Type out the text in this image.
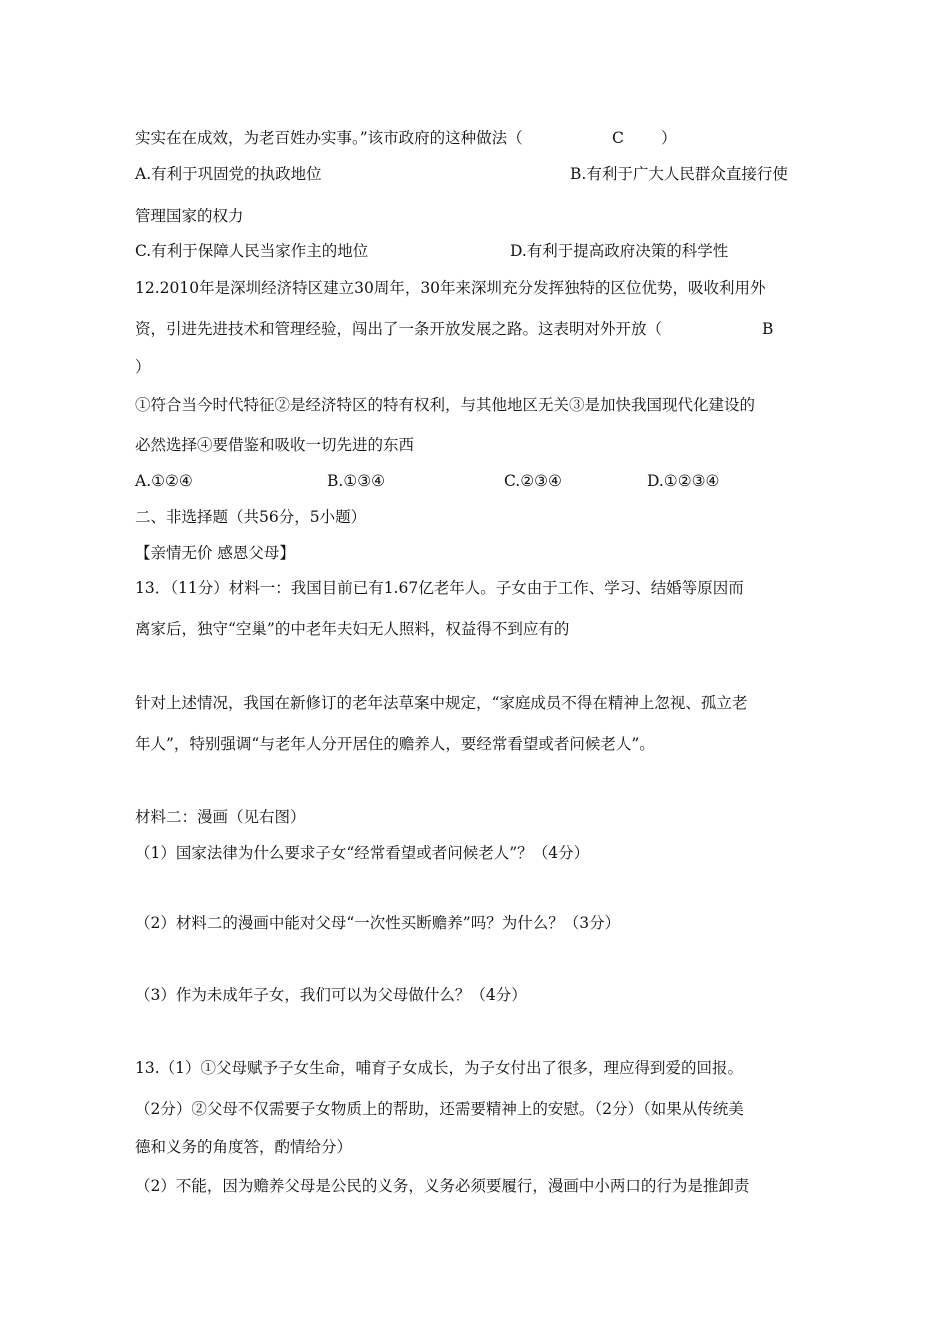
实实在在成效，为老百姓办实事。”该市政府的这种做法（	C ）
A.有利于巩固党的执政地位	B.有利于广大人民群众直接行使
管理国家的权力
C.有利于保障人民当家作主的地位	D.有利于提高政府决策的科学性
12.2010年是深圳经济特区建立30周年，30年来深圳充分发挥独特的区位优势，吸收利用外
资，引进先进技术和管理经验，闯出了一条开放发展之路。这表明对外开放（	B
）
①符合当今时代特征②是经济特区的特有权利，与其他地区无关③是加快我国现代化建设的
必然选择④要借鉴和吸收一切先进的东西
A.①②④	B.①③④	C.②③④	D.①②③④
二、非选择题（共56分，5小题）
【亲情无价 感恩父母】
13．（11分）材料一：我国目前已有1.67亿老年人。子女由于工作、学习、结婚等原因而
离家后，独守“空巢”的中老年夫妇无人照料，权益得不到应有的
针对上述情况，我国在新修订的老年法草案中规定，“家庭成员不得在精神上忽视、孤立老
年人”，特别强调“与老年人分开居住的赡养人，要经常看望或者问候老人”。
材料二：漫画（见右图）
（1）国家法律为什么要求子女“经常看望或者问候老人”？（4分）
（2）材料二的漫画中能对父母“一次性买断赡养”吗？为什么？（3分）
（3）作为未成年子女，我们可以为父母做什么？（4分）
13.（1）①父母赋予子女生命，哺育子女成长，为子女付出了很多，理应得到爱的回报。
（2分）②父母不仅需要子女物质上的帮助，还需要精神上的安慰。（2分）（如果从传统美
德和义务的角度答，酌情给分）
（2）不能，因为赡养父母是公民的义务，义务必须要履行，漫画中小两口的行为是推卸责
